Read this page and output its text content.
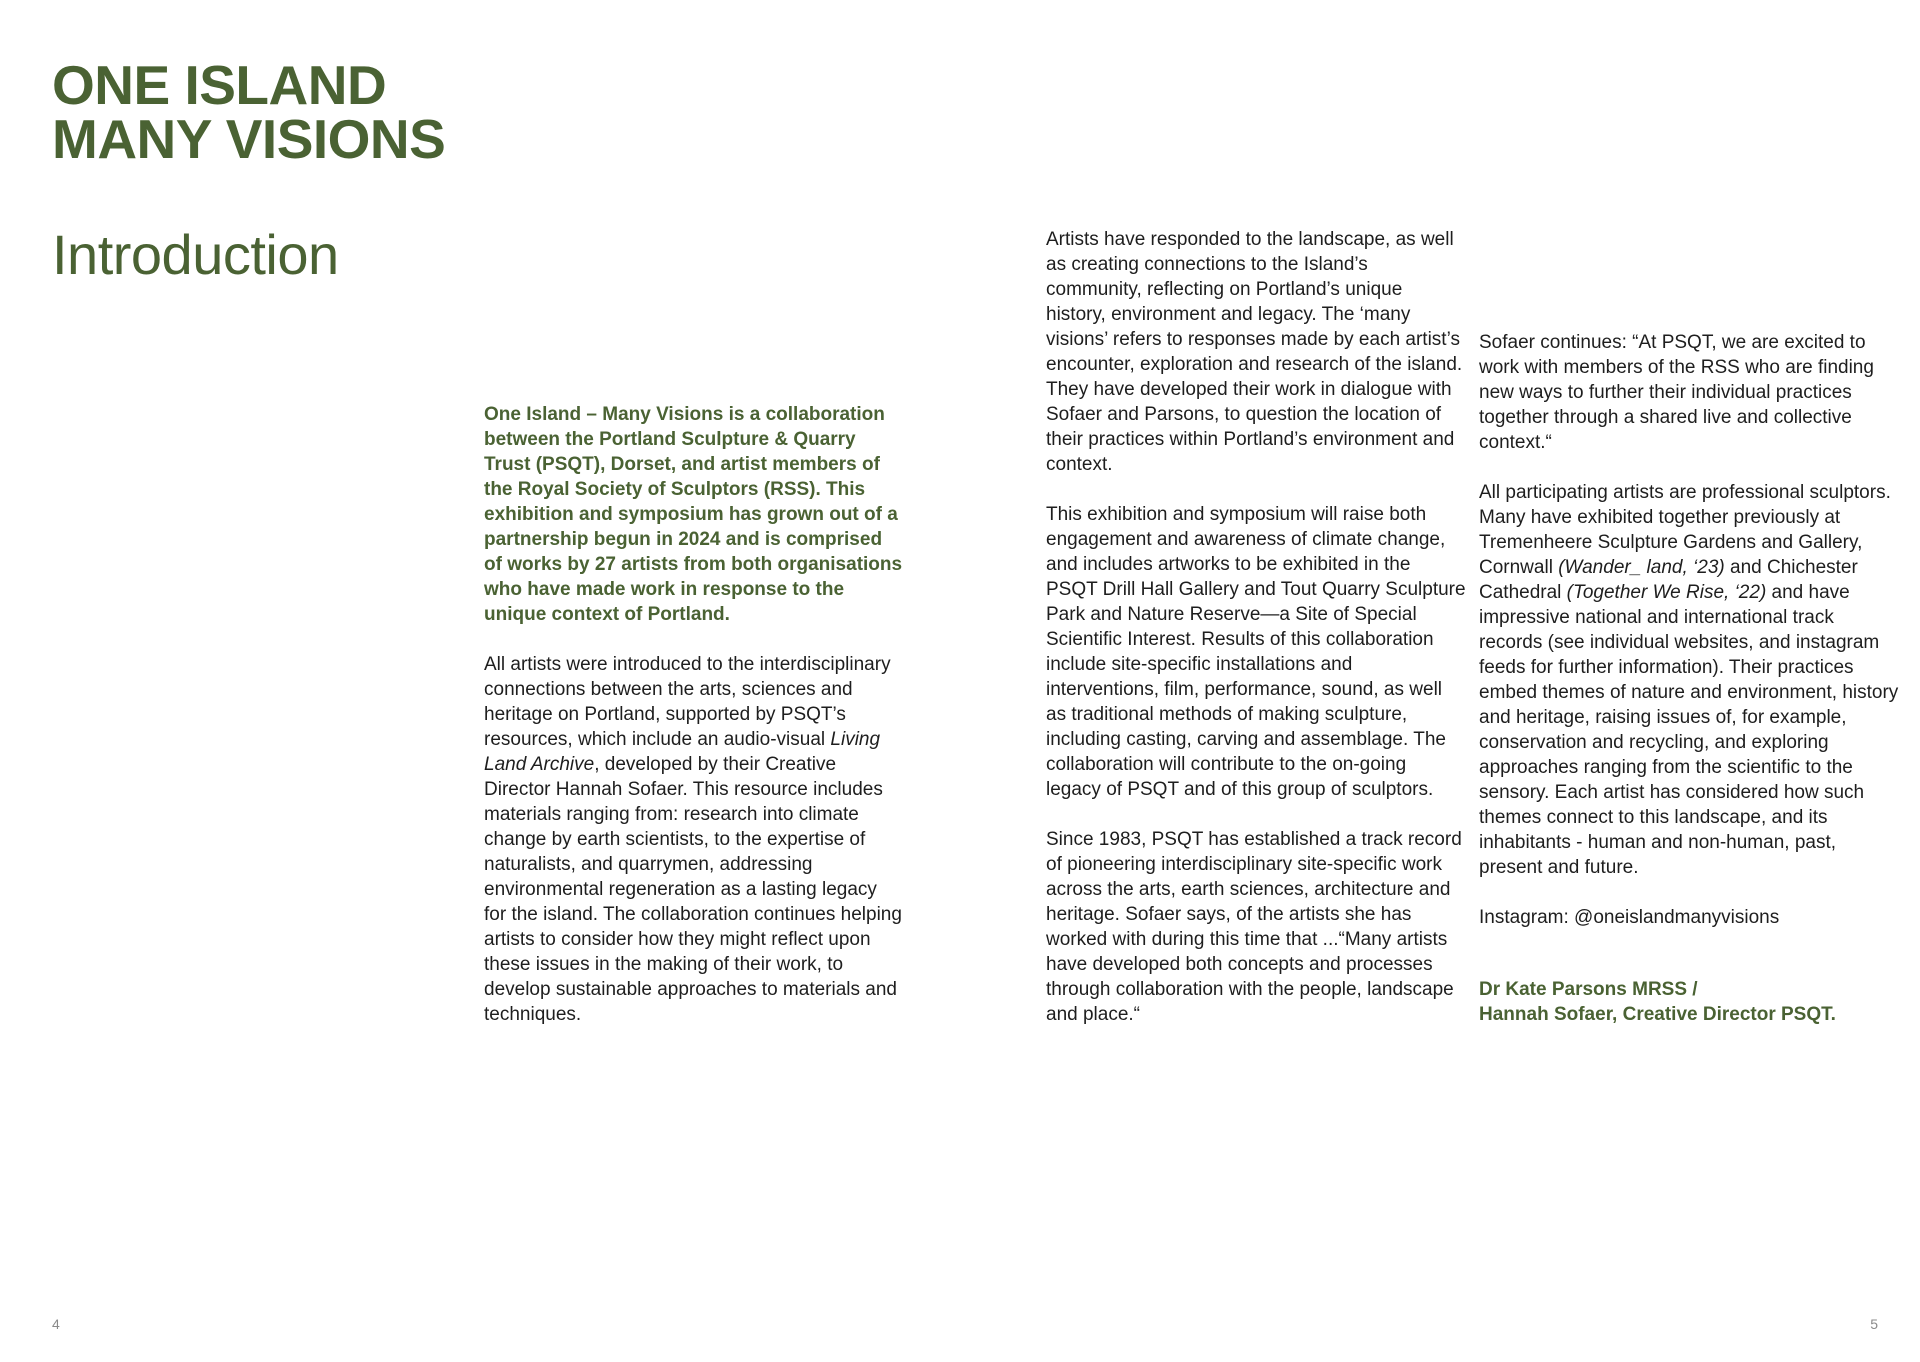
ONE ISLAND
MANY VISIONS
Introduction

One Island – Many Visions is a collaboration between the Portland Sculpture & Quarry Trust (PSQT), Dorset, and artist members of the Royal Society of Sculptors (RSS). This exhibition and symposium has grown out of a partnership begun in 2024 and is comprised of works by 27 artists from both organisations who have made work in response to the unique context of Portland.

All artists were introduced to the interdisciplinary connections between the arts, sciences and heritage on Portland, supported by PSQT’s resources, which include an audio-visual Living Land Archive, developed by their Creative Director Hannah Sofaer. This resource includes materials ranging from: research into climate change by earth scientists, to the expertise of naturalists, and quarrymen, addressing environmental regeneration as a lasting legacy for the island. The collaboration continues helping artists to consider how they might reflect upon these issues in the making of their work, to develop sustainable approaches to materials and techniques.

Artists have responded to the landscape, as well as creating connections to the Island’s community, reflecting on Portland’s unique history, environment and legacy. The ‘many visions’ refers to responses made by each artist’s encounter, exploration and research of the island. They have developed their work in dialogue with Sofaer and Parsons, to question the location of their practices within Portland’s environment and context.

This exhibition and symposium will raise both engagement and awareness of climate change, and includes artworks to be exhibited in the PSQT Drill Hall Gallery and Tout Quarry Sculpture Park and Nature Reserve—a Site of Special Scientific Interest. Results of this collaboration include site-specific installations and interventions, film, performance, sound, as well as traditional methods of making sculpture, including casting, carving and assemblage. The collaboration will contribute to the on-going legacy of PSQT and of this group of sculptors.

Since 1983, PSQT has established a track record of pioneering interdisciplinary site-specific work across the arts, earth sciences, architecture and heritage. Sofaer says, of the artists she has worked with during this time that ...“Many artists have developed both concepts and processes through collaboration with the people, landscape and place.“

Sofaer continues: “At PSQT, we are excited to work with members of the RSS who are finding new ways to further their individual practices together through a shared live and collective context.“

All participating artists are professional sculptors. Many have exhibited together previously at Tremenheere Sculpture Gardens and Gallery, Cornwall (Wander_ land, ‘23) and Chichester Cathedral (Together We Rise, ‘22) and have impressive national and international track records (see individual websites, and instagram feeds for further information). Their practices embed themes of nature and environment, history and heritage, raising issues of, for example, conservation and recycling, and exploring approaches ranging from the scientific to the sensory. Each artist has considered how such themes connect to this landscape, and its inhabitants - human and non-human, past, present and future.

Instagram: @oneislandmanyvisions

Dr Kate Parsons MRSS /
Hannah Sofaer, Creative Director PSQT.
4	5
